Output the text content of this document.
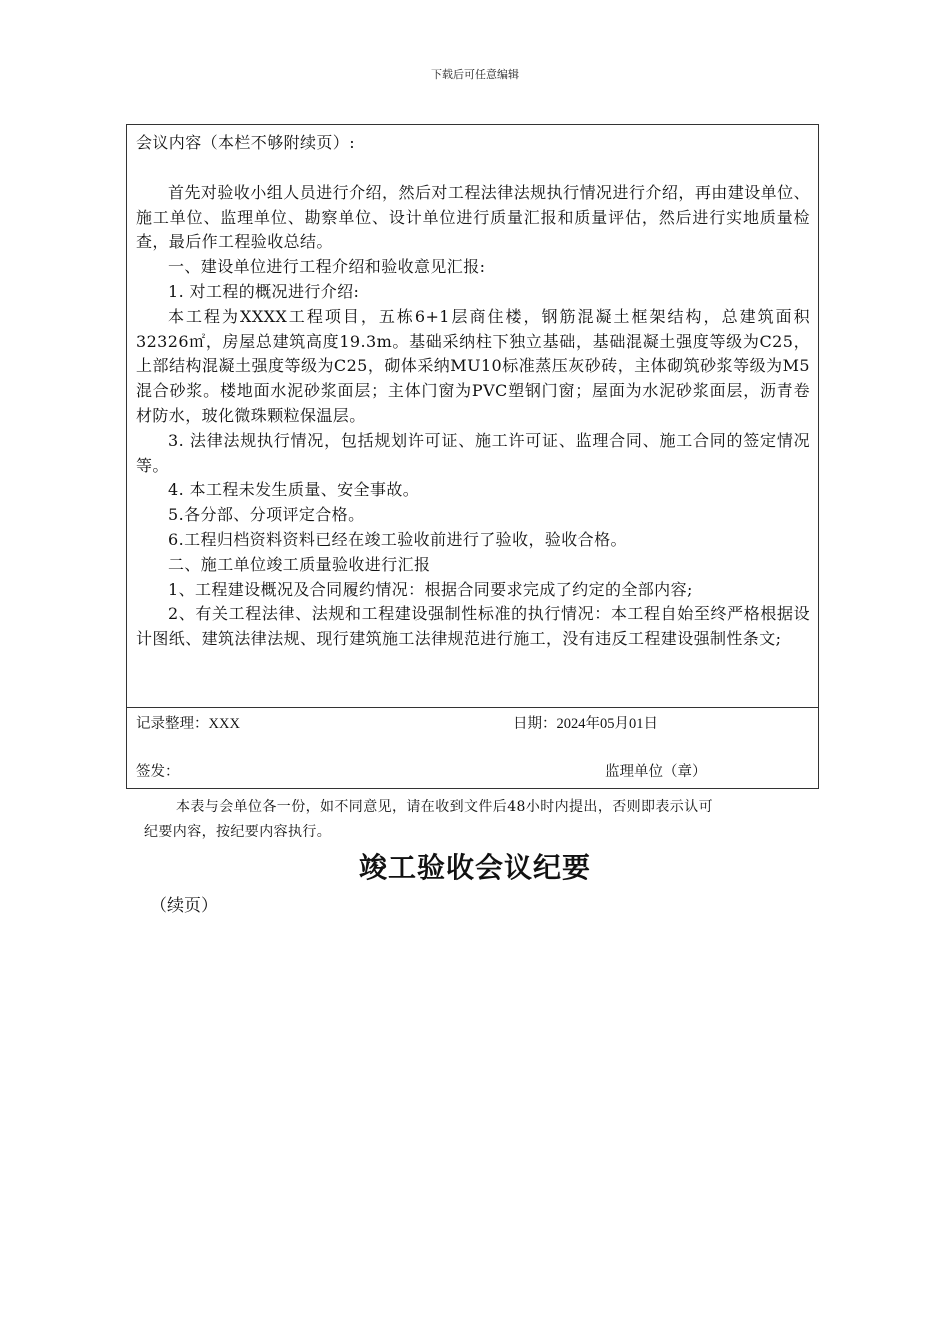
下载后可任意编辑

会议内容（本栏不够附续页）:

首先对验收小组人员进行介绍，然后对工程法律法规执行情况进行介绍，再由建设单位、施工单位、监理单位、勘察单位、设计单位进行质量汇报和质量评估，然后进行实地质量检查，最后作工程验收总结。

一、建设单位进行工程介绍和验收意见汇报:

1. 对工程的概况进行介绍:

本工程为XXXX工程项目，五栋6+1层商住楼，钢筋混凝土框架结构，总建筑面积32326㎡，房屋总建筑高度19.3m。基础采纳柱下独立基础，基础混凝土强度等级为C25，上部结构混凝土强度等级为C25，砌体采纳MU10标准蒸压灰砂砖，主体砌筑砂浆等级为M5混合砂浆。楼地面水泥砂浆面层；主体门窗为PVC塑钢门窗；屋面为水泥砂浆面层，沥青卷材防水，玻化微珠颗粒保温层。

3. 法律法规执行情况，包括规划许可证、施工许可证、监理合同、施工合同的签定情况等。

4. 本工程未发生质量、安全事故。

5.各分部、分项评定合格。

6.工程归档资料资料已经在竣工验收前进行了验收，验收合格。

二、施工单位竣工质量验收进行汇报

1、工程建设概况及合同履约情况：根据合同要求完成了约定的全部内容;

2、有关工程法律、法规和工程建设强制性标准的执行情况：本工程自始至终严格根据设计图纸、建筑法律法规、现行建筑施工法律规范进行施工，没有违反工程建设强制性条文;

记录整理：XXX	日期：2024年05月01日
签发：	监理单位（章）
本表与会单位各一份，如不同意见，请在收到文件后48小时内提出，否则即表示认可
纪要内容，按纪要内容执行。
竣工验收会议纪要
（续页）
